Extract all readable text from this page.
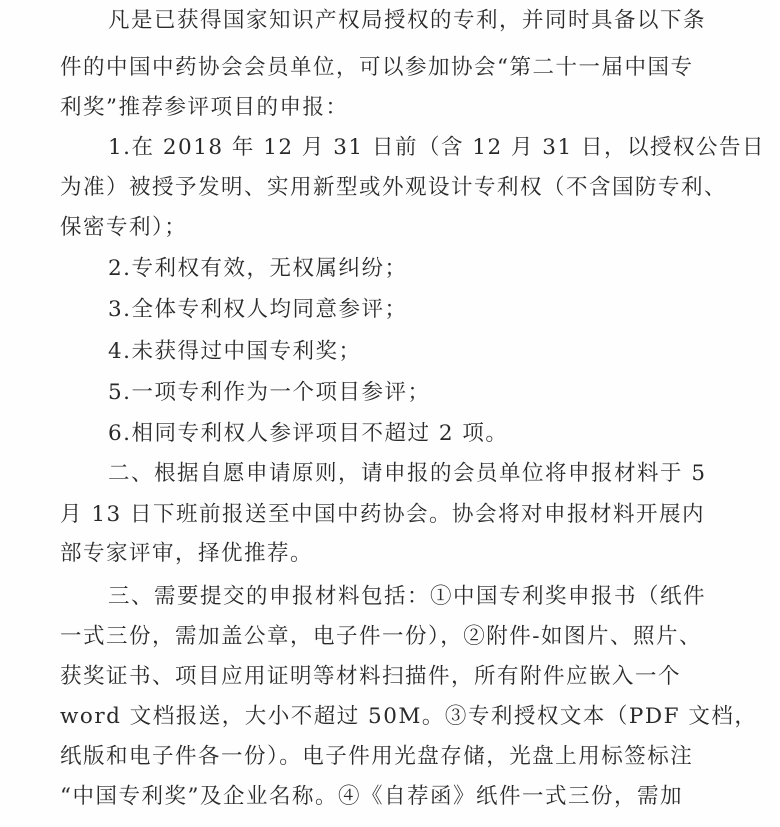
凡是已获得国家知识产权局授权的专利，并同时具备以下条
件的中国中药协会会员单位，可以参加协会“第二十一届中国专
利奖”推荐参评项目的申报：
1.在 2018 年 12 月 31 日前（含 12 月 31 日，以授权公告日
为准）被授予发明、实用新型或外观设计专利权（不含国防专利、
保密专利）；
2.专利权有效，无权属纠纷；
3.全体专利权人均同意参评；
4.未获得过中国专利奖；
5.一项专利作为一个项目参评；
6.相同专利权人参评项目不超过 2 项。
二、根据自愿申请原则，请申报的会员单位将申报材料于 5
月 13 日下班前报送至中国中药协会。协会将对申报材料开展内
部专家评审，择优推荐。
三、需要提交的申报材料包括：①中国专利奖申报书（纸件
一式三份，需加盖公章，电子件一份），②附件-如图片、照片、
获奖证书、项目应用证明等材料扫描件，所有附件应嵌入一个
word 文档报送，大小不超过 50M。③专利授权文本（PDF 文档，
纸版和电子件各一份）。电子件用光盘存储，光盘上用标签标注
“中国专利奖”及企业名称。④《自荐函》纸件一式三份，需加
